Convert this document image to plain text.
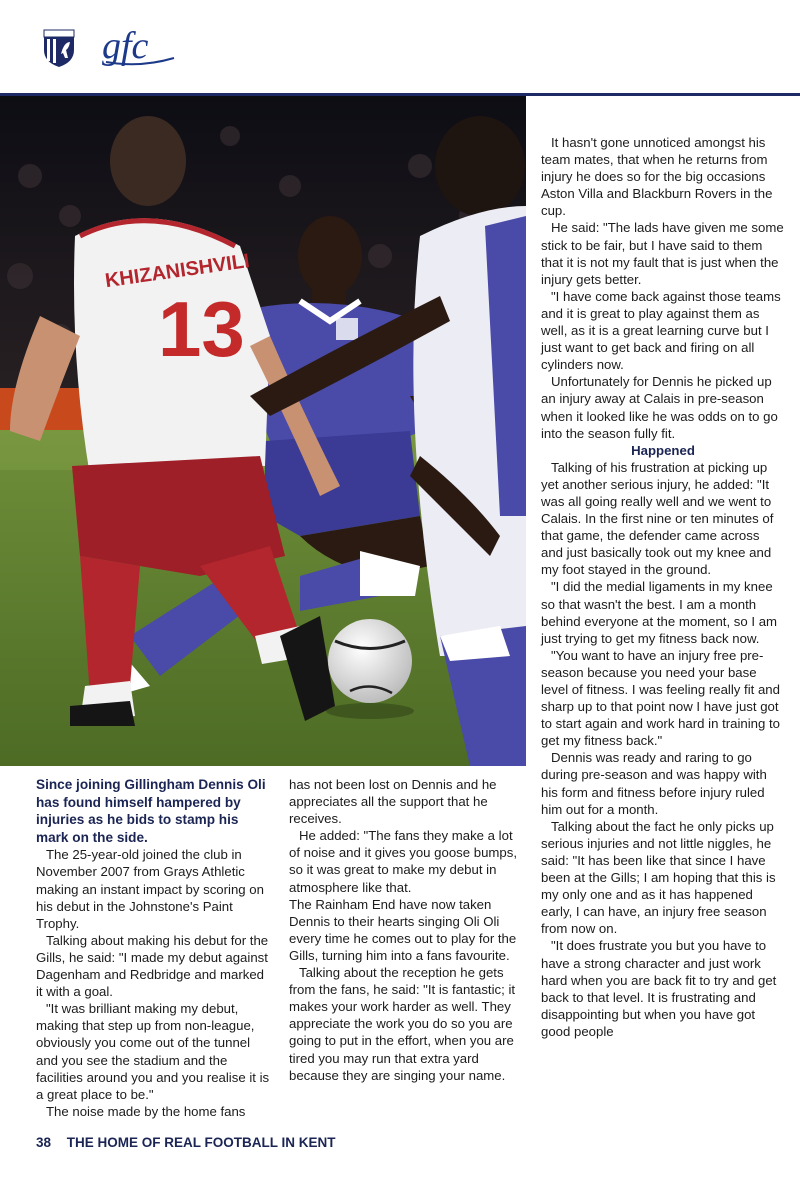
gfc
KHIZANISHVILI
13

It hasn't gone unnoticed amongst his team mates, that when he returns from injury he does so for the big occasions Aston Villa and Blackburn Rovers in the cup.

He said: "The lads have given me some stick to be fair, but I have said to them that it is not my fault that is just when the injury gets better.

"I have come back against those teams and it is great to play against them as well, as it is a great learning curve but I just want to get back and firing on all cylinders now.

Unfortunately for Dennis he picked up an injury away at Calais in pre-season when it looked like he was odds on to go into the season fully fit.

Happened

Talking of his frustration at picking up yet another serious injury, he added: "It was all going really well and we went to Calais. In the first nine or ten minutes of that game, the defender came across and just basically took out my knee and my foot stayed in the ground.

"I did the medial ligaments in my knee so that wasn't the best. I am a month behind everyone at the moment, so I am just trying to get my fitness back now.

"You want to have an injury free pre-season because you need your base level of fitness. I was feeling really fit and sharp up to that point now I have just got to start again and work hard in training to get my fitness back."

Dennis was ready and raring to go during pre-season and was happy with his form and fitness before injury ruled him out for a month.

Talking about the fact he only picks up serious injuries and not little niggles, he said: "It has been like that since I have been at the Gills; I am hoping that this is my only one and as it has happened early, I can have, an injury free season from now on.

"It does frustrate you but you have to have a strong character and just work hard when you are back fit to try and get back to that level. It is frustrating and disappointing but when you have got good people

Since joining Gillingham Dennis Oli has found himself hampered by injuries as he bids to stamp his mark on the side.

The 25-year-old joined the club in November 2007 from Grays Athletic making an instant impact by scoring on his debut in the Johnstone's Paint Trophy.

Talking about making his debut for the Gills, he said: "I made my debut against Dagenham and Redbridge and marked it with a goal.

"It was brilliant making my debut, making that step up from non-league, obviously you come out of the tunnel and you see the stadium and the facilities around you and you realise it is a great place to be."

The noise made by the home fans

has not been lost on Dennis and he appreciates all the support that he receives.

He added: "The fans they make a lot of noise and it gives you goose bumps, so it was great to make my debut in atmosphere like that.

The Rainham End have now taken Dennis to their hearts singing Oli Oli every time he comes out to play for the Gills, turning him into a fans favourite.

Talking about the reception he gets from the fans, he said: "It is fantastic; it makes your work harder as well. They appreciate the work you do so you are going to put in the effort, when you are tired you may run that extra yard because they are singing your name.

38 THE HOME OF REAL FOOTBALL IN KENT
